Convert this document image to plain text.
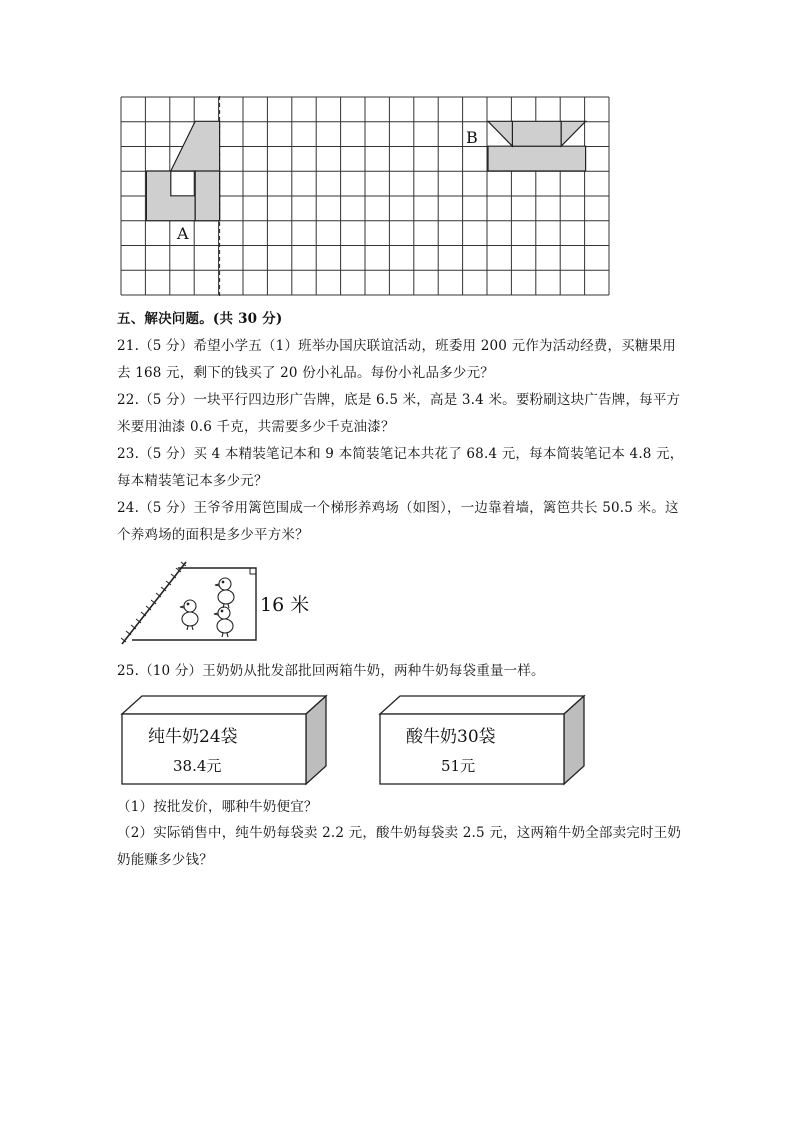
A
B
五、解决问题。(共 30 分)
21.（5 分）希望小学五（1）班举办国庆联谊活动，班委用 200 元作为活动经费，买糖果用
去 168 元，剩下的钱买了 20 份小礼品。每份小礼品多少元？
22.（5 分）一块平行四边形广告牌，底是 6.5 米，高是 3.4 米。要粉刷这块广告牌，每平方
米要用油漆 0.6 千克，共需要多少千克油漆？
23.（5 分）买 4 本精装笔记本和 9 本简装笔记本共花了 68.4 元，每本简装笔记本 4.8 元，
每本精装笔记本多少元？
24.（5 分）王爷爷用篱笆围成一个梯形养鸡场（如图），一边靠着墙，篱笆共长 50.5 米。这
个养鸡场的面积是多少平方米？
16 米
25.（10 分）王奶奶从批发部批回两箱牛奶，两种牛奶每袋重量一样。
纯牛奶24袋
38.4元
酸牛奶30袋
51元
（1）按批发价，哪种牛奶便宜？
（2）实际销售中，纯牛奶每袋卖 2.2 元，酸牛奶每袋卖 2.5 元，这两箱牛奶全部卖完时王奶
奶能赚多少钱？
